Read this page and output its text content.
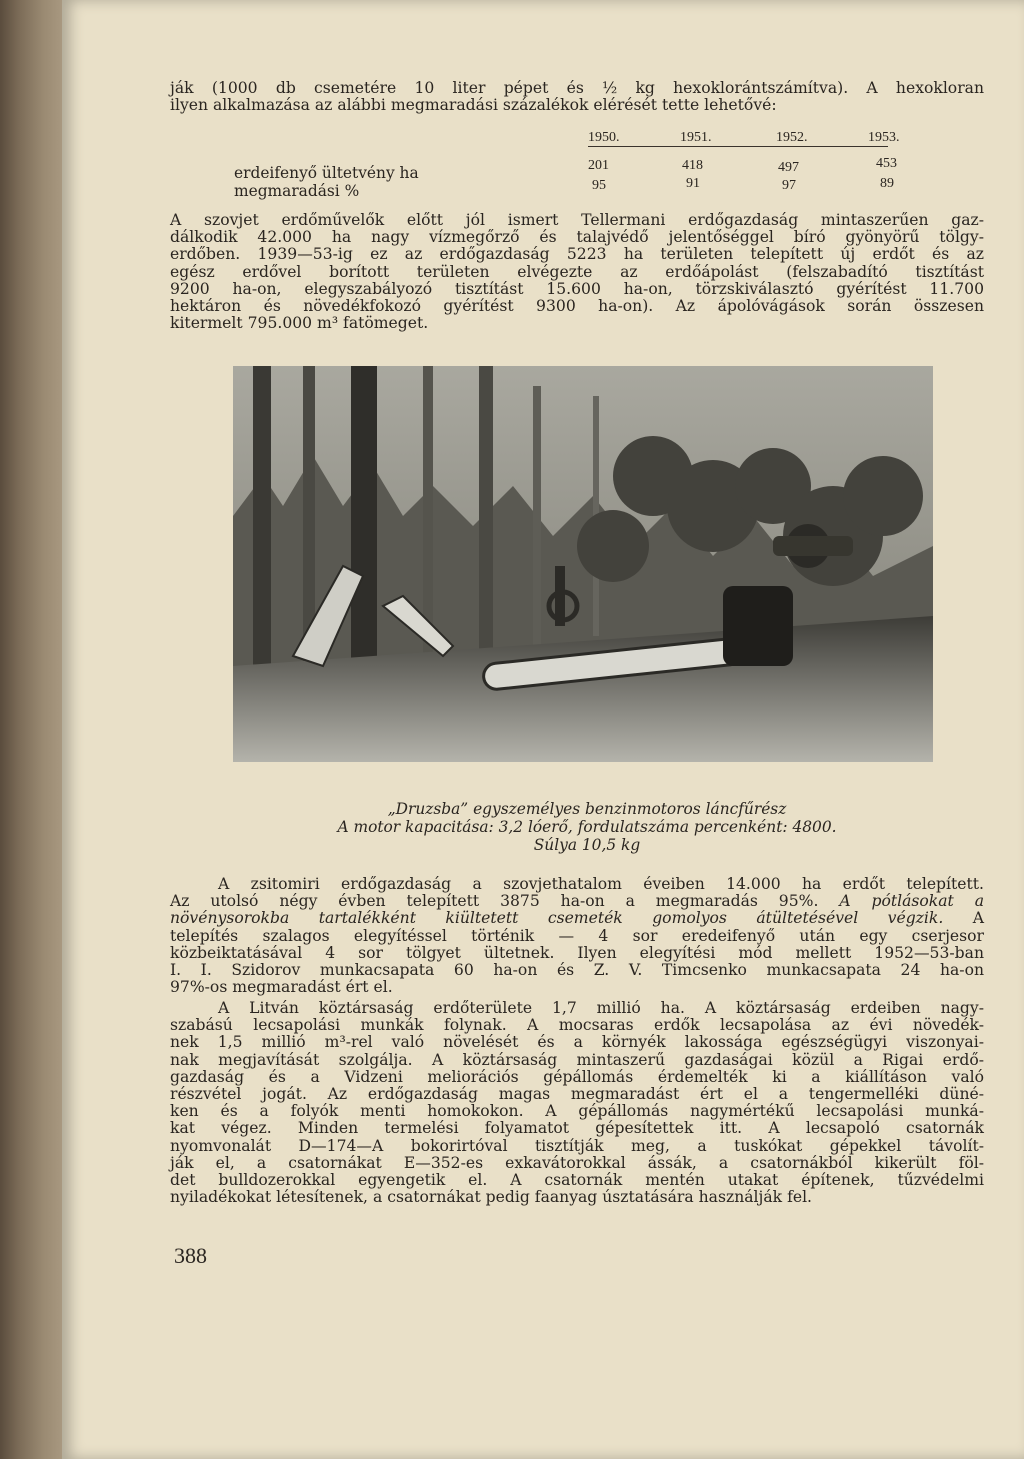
ják (1000 db csemetére 10 liter pépet és ½ kg hexoklorántszámítva). A hexokloran
ilyen alkalmazása az alábbi megmaradási százalékok elérését tette lehetővé:
1950.	1951.	1952.	1953.
erdeifenyő ültetvény ha	201	418	497	453
megmaradási %	95	91	97	89
A szovjet erdőművelők előtt jól ismert Tellermani erdőgazdaság mintaszerűen gaz-
dálkodik 42.000 ha nagy vízmegőrző és talajvédő jelentőséggel bíró gyönyörű tölgy-
erdőben. 1939—53-ig ez az erdőgazdaság 5223 ha területen telepített új erdőt és az
egész erdővel borított területen elvégezte az erdőápolást (felszabadító tisztítást
9200 ha-on, elegyszabályozó tisztítást 15.600 ha-on, törzskiválasztó gyérítést 11.700
hektáron és növedékfokozó gyérítést 9300 ha-on). Az ápolóvágások során összesen
kitermelt 795.000 m³ fatömeget.
„Druzsba” egyszemélyes benzinmotoros láncfűrész
A motor kapacitása: 3,2 lóerő, fordulatszáma percenként: 4800.
Súlya 10,5 kg
A zsitomiri erdőgazdaság a szovjethatalom éveiben 14.000 ha erdőt telepített.
Az utolsó négy évben telepített 3875 ha-on a megmaradás 95%. A pótlásokat a
növénysorokba tartalékként kiültetett csemeték gomolyos átültetésével végzik. A
telepítés szalagos elegyítéssel történik — 4 sor eredeifenyő után egy cserjesor
közbeiktatásával 4 sor tölgyet ültetnek. Ilyen elegyítési mód mellett 1952—53-ban
I. I. Szidorov munkacsapata 60 ha-on és Z. V. Timcsenko munkacsapata 24 ha-on
97%-os megmaradást ért el.
A Litván köztársaság erdőterülete 1,7 millió ha. A köztársaság erdeiben nagy-
szabású lecsapolási munkák folynak. A mocsaras erdők lecsapolása az évi növedék-
nek 1,5 millió m³-rel való növelését és a környék lakossága egészségügyi viszonyai-
nak megjavítását szolgálja. A köztársaság mintaszerű gazdaságai közül a Rigai erdő-
gazdaság és a Vidzeni meliorációs gépállomás érdemelték ki a kiállításon való
részvétel jogát. Az erdőgazdaság magas megmaradást ért el a tengermelléki düné-
ken és a folyók menti homokokon. A gépállomás nagymértékű lecsapolási munká-
kat végez. Minden termelési folyamatot gépesítettek itt. A lecsapoló csatornák
nyomvonalát D—174—A bokorirtóval tisztítják meg, a tuskókat gépekkel távolít-
ják el, a csatornákat E—352-es exkavátorokkal ássák, a csatornákból kikerült föl-
det bulldozerokkal egyengetik el. A csatornák mentén utakat építenek, tűzvédelmi
nyiladékokat létesítenek, a csatornákat pedig faanyag úsztatására használják fel.
388
